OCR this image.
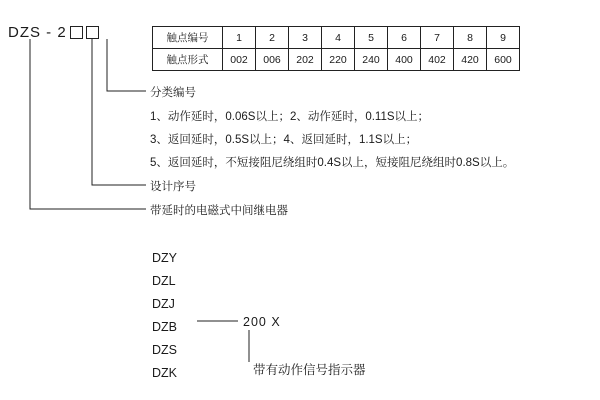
DZS - 2	触点编号	1	2	3	4	5	6	7	8	9
触点形式	002	006	202	220	240	400	402	420	600
分类编号
1、动作延时，0.06S以上；2、动作延时，0.11S以上；
3、返回延时，0.5S以上；4、返回延时，1.1S以上；
5、返回延时，不短接阻尼绕组时0.4S以上，短接阻尼绕组时0.8S以上。
设计序号
带延时的电磁式中间继电器
DZY
DZL
DZJ
DZB
DZS
DZK
200 X
带有动作信号指示器
